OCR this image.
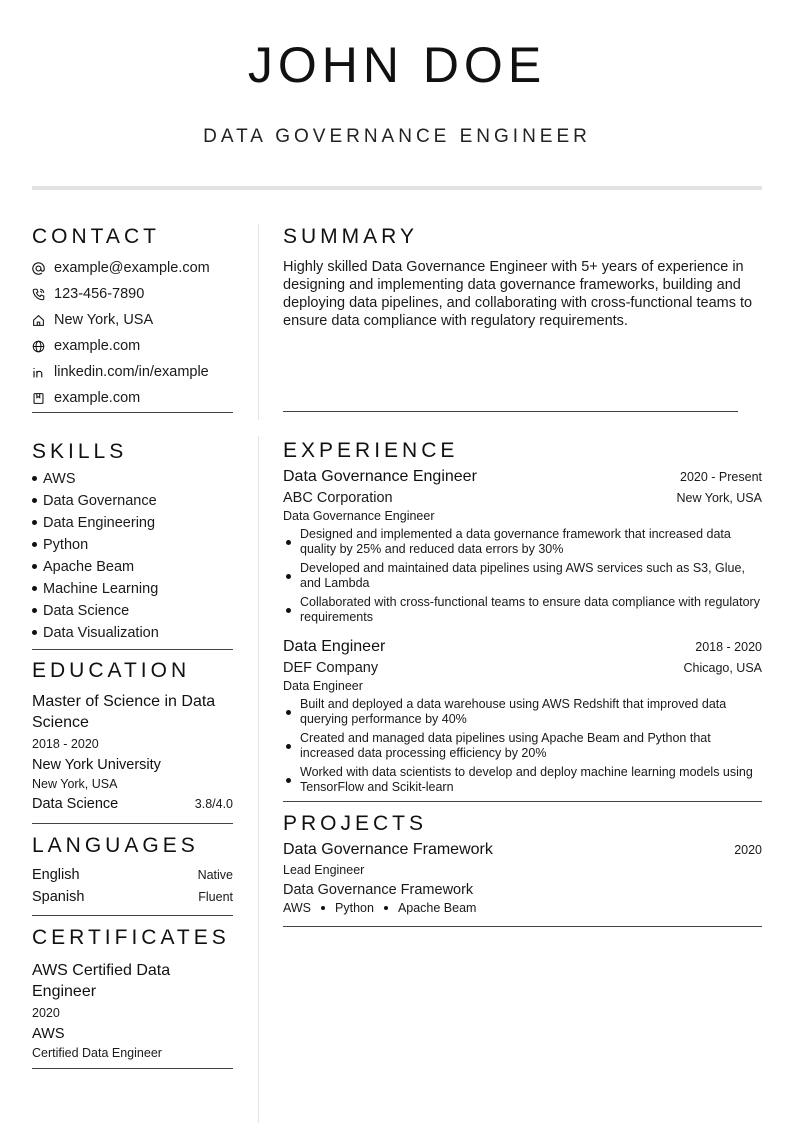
JOHN DOE
DATA GOVERNANCE ENGINEER
CONTACT
example@example.com
123-456-7890
New York, USA
example.com
linkedin.com/in/example
example.com
SKILLS
AWS
Data Governance
Data Engineering
Python
Apache Beam
Machine Learning
Data Science
Data Visualization
EDUCATION
Master of Science in Data Science
2018 - 2020
New York University
New York, USA
Data Science	3.8/4.0
LANGUAGES
English	Native
Spanish	Fluent
CERTIFICATES
AWS Certified Data Engineer
2020
AWS
Certified Data Engineer
SUMMARY

Highly skilled Data Governance Engineer with 5+ years of experience in designing and implementing data governance frameworks, building and deploying data pipelines, and collaborating with cross-functional teams to ensure data compliance with regulatory requirements.

EXPERIENCE
Data Governance Engineer	2020 - Present
ABC Corporation	New York, USA
Data Governance Engineer
Designed and implemented a data governance framework that increased data quality by 25% and reduced data errors by 30%
Developed and maintained data pipelines using AWS services such as S3, Glue, and Lambda
Collaborated with cross-functional teams to ensure data compliance with regulatory requirements
Data Engineer	2018 - 2020
DEF Company	Chicago, USA
Data Engineer
Built and deployed a data warehouse using AWS Redshift that improved data querying performance by 40%
Created and managed data pipelines using Apache Beam and Python that increased data processing efficiency by 20%
Worked with data scientists to develop and deploy machine learning models using TensorFlow and Scikit-learn
PROJECTS
Data Governance Framework	2020
Lead Engineer
Data Governance Framework
AWS Python Apache Beam
